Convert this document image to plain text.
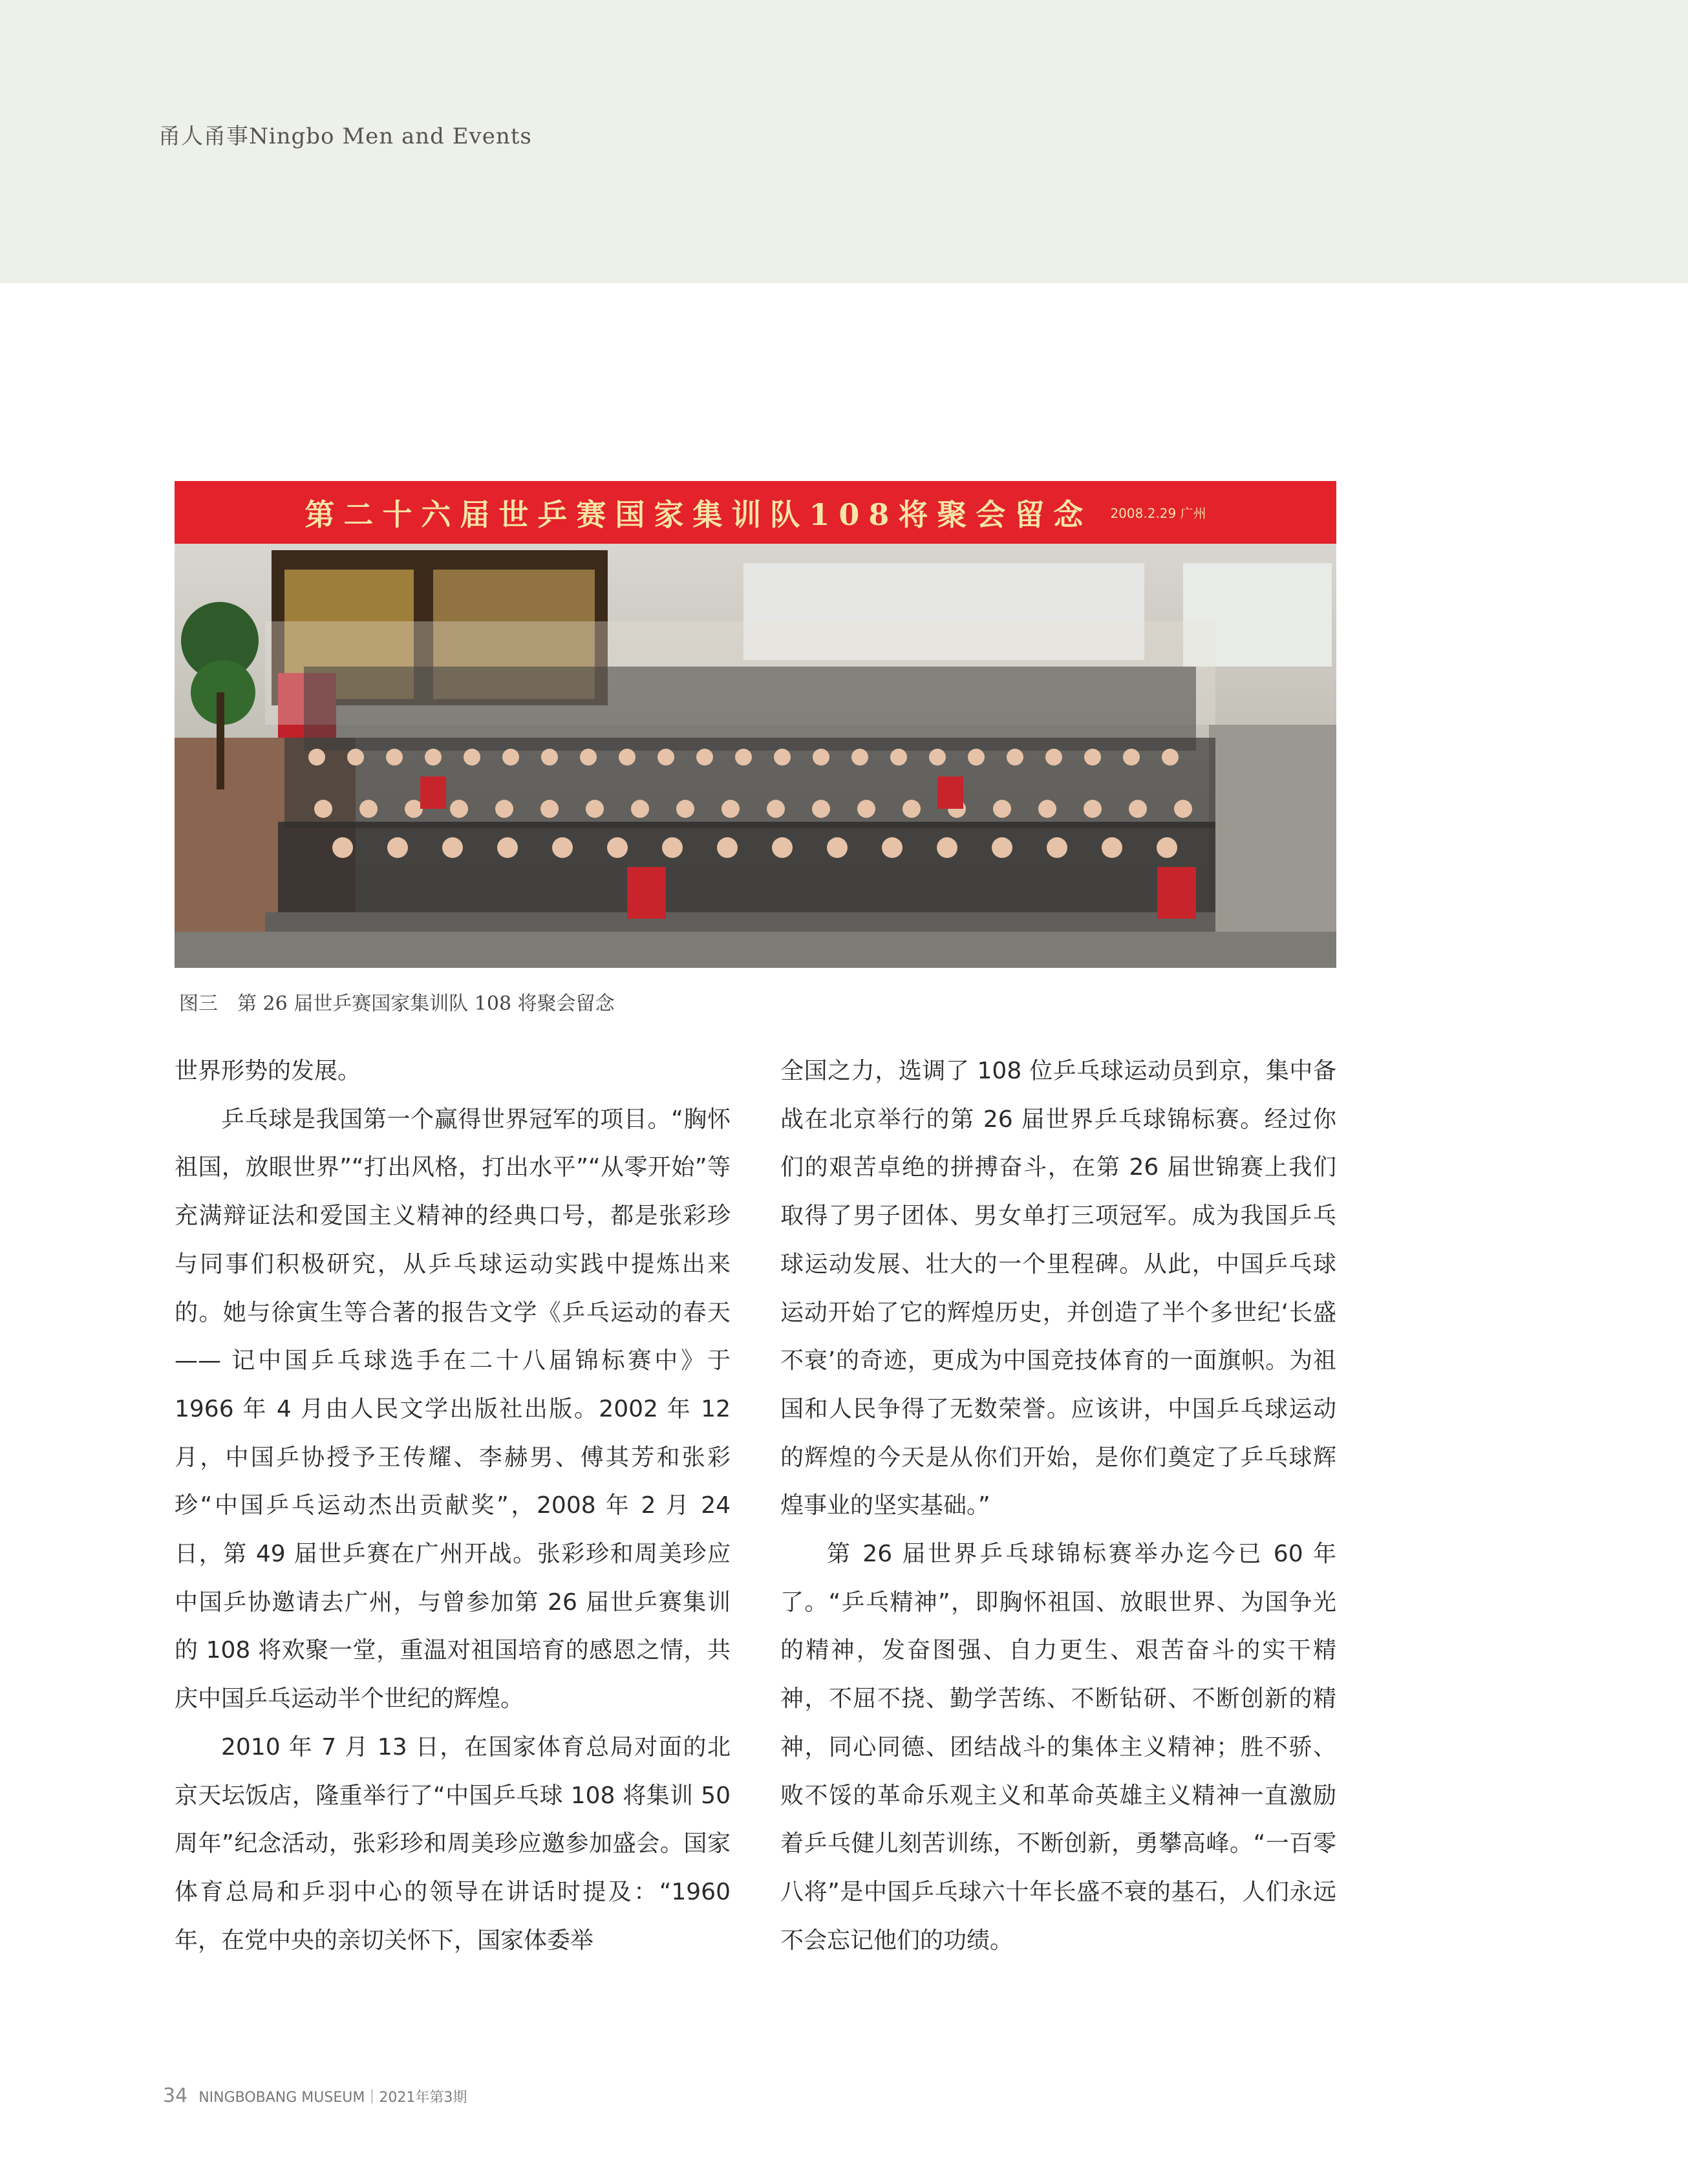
甬人甬事Ningbo Men and Events
第二十六届世乒赛国家集训队108将聚会留念 2008.2.29 广州
图三　第 26 届世乒赛国家集训队 108 将聚会留念

世界形势的发展。

乒乓球是我国第一个赢得世界冠军的项目。“胸怀祖国，放眼世界”“打出风格，打出水平”“从零开始”等充满辩证法和爱国主义精神的经典口号，都是张彩珍与同事们积极研究，从乒乓球运动实践中提炼出来的。她与徐寅生等合著的报告文学《乒乓运动的春天 —— 记中国乒乓球选手在二十八届锦标赛中》于 1966 年 4 月由人民文学出版社出版。2002 年 12 月，中国乒协授予王传耀、李赫男、傅其芳和张彩珍“中国乒乓运动杰出贡献奖”，2008 年 2 月 24 日，第 49 届世乒赛在广州开战。张彩珍和周美珍应中国乒协邀请去广州，与曾参加第 26 届世乒赛集训的 108 将欢聚一堂，重温对祖国培育的感恩之情，共庆中国乒乓运动半个世纪的辉煌。

2010 年 7 月 13 日，在国家体育总局对面的北京天坛饭店，隆重举行了“中国乒乓球 108 将集训 50 周年”纪念活动，张彩珍和周美珍应邀参加盛会。国家体育总局和乒羽中心的领导在讲话时提及：“1960 年，在党中央的亲切关怀下，国家体委举

全国之力，选调了 108 位乒乓球运动员到京，集中备战在北京举行的第 26 届世界乒乓球锦标赛。经过你们的艰苦卓绝的拼搏奋斗，在第 26 届世锦赛上我们取得了男子团体、男女单打三项冠军。成为我国乒乓球运动发展、壮大的一个里程碑。从此，中国乒乓球运动开始了它的辉煌历史，并创造了半个多世纪‘长盛不衰’的奇迹，更成为中国竞技体育的一面旗帜。为祖国和人民争得了无数荣誉。应该讲，中国乒乓球运动的辉煌的今天是从你们开始，是你们奠定了乒乓球辉煌事业的坚实基础。”

第 26 届世界乒乓球锦标赛举办迄今已 60 年了。“乒乓精神”，即胸怀祖国、放眼世界、为国争光的精神，发奋图强、自力更生、艰苦奋斗的实干精神，不屈不挠、勤学苦练、不断钻研、不断创新的精神，同心同德、团结战斗的集体主义精神；胜不骄、败不馁的革命乐观主义和革命英雄主义精神一直激励着乒乓健儿刻苦训练，不断创新，勇攀高峰。“一百零八将”是中国乒乓球六十年长盛不衰的基石，人们永远不会忘记他们的功绩。

34 NINGBOBANG MUSEUM｜2021年第3期
